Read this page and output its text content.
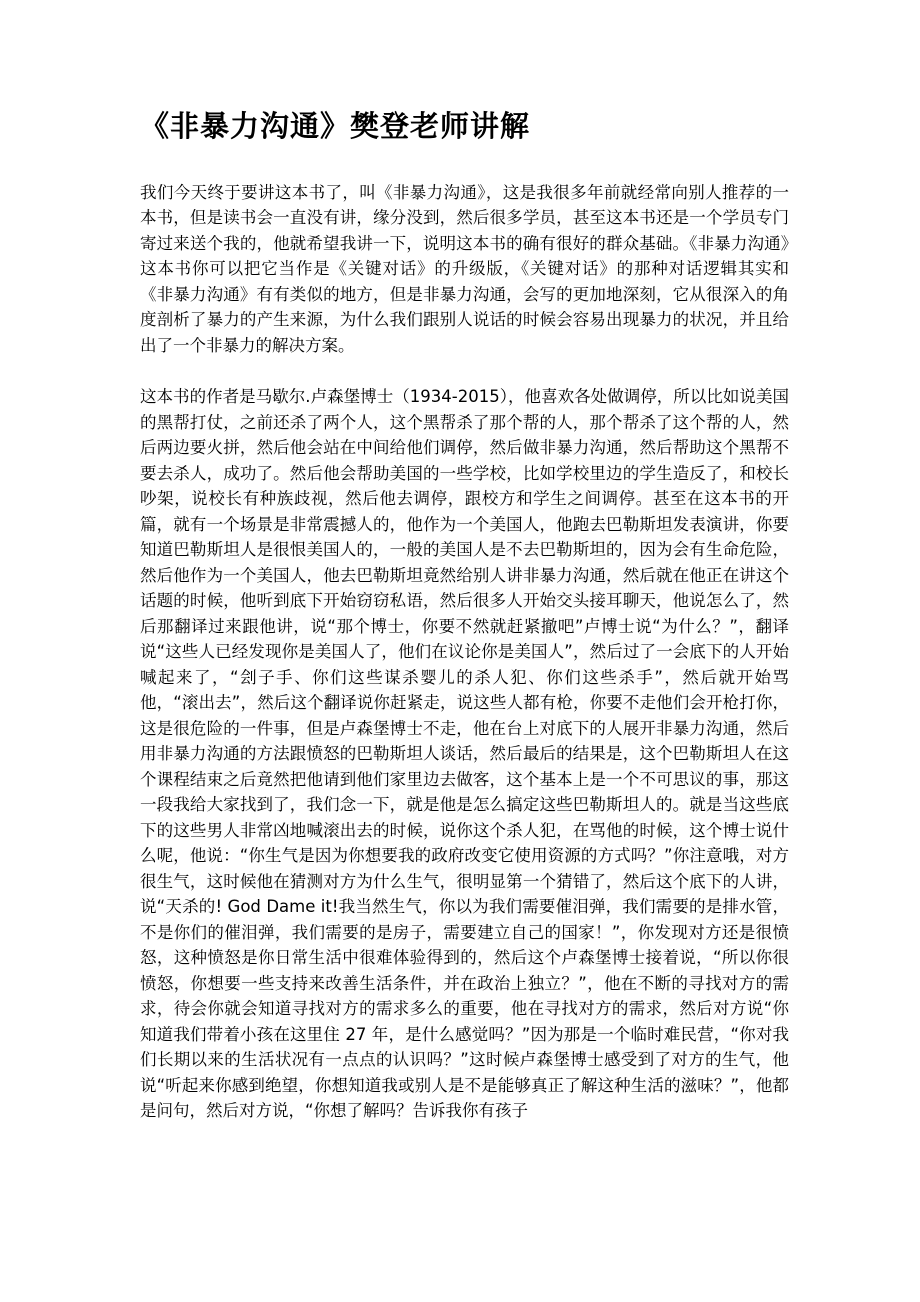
《非暴力沟通》樊登老师讲解

我们今天终于要讲这本书了，叫《非暴力沟通》，这是我很多年前就经常向别人推荐的一本书，但是读书会一直没有讲，缘分没到，然后很多学员，甚至这本书还是一个学员专门寄过来送个我的，他就希望我讲一下，说明这本书的确有很好的群众基础。《非暴力沟通》这本书你可以把它当作是《关键对话》的升级版，《关键对话》的那种对话逻辑其实和《非暴力沟通》有有类似的地方，但是非暴力沟通，会写的更加地深刻，它从很深入的角度剖析了暴力的产生来源，为什么我们跟别人说话的时候会容易出现暴力的状况，并且给出了一个非暴力的解决方案。

这本书的作者是马歇尔.卢森堡博士（1934-2015），他喜欢各处做调停，所以比如说美国的黑帮打仗，之前还杀了两个人，这个黑帮杀了那个帮的人，那个帮杀了这个帮的人，然后两边要火拼，然后他会站在中间给他们调停，然后做非暴力沟通，然后帮助这个黑帮不要去杀人，成功了。然后他会帮助美国的一些学校，比如学校里边的学生造反了，和校长吵架，说校长有种族歧视，然后他去调停，跟校方和学生之间调停。甚至在这本书的开篇，就有一个场景是非常震撼人的，他作为一个美国人，他跑去巴勒斯坦发表演讲，你要知道巴勒斯坦人是很恨美国人的，一般的美国人是不去巴勒斯坦的，因为会有生命危险，然后他作为一个美国人，他去巴勒斯坦竟然给别人讲非暴力沟通，然后就在他正在讲这个话题的时候，他听到底下开始窃窃私语，然后很多人开始交头接耳聊天，他说怎么了，然后那翻译过来跟他讲，说“那个博士，你要不然就赶紧撤吧”卢博士说“为什么？”，翻译说“这些人已经发现你是美国人了，他们在议论你是美国人”，然后过了一会底下的人开始喊起来了，“刽子手、你们这些谋杀婴儿的杀人犯、你们这些杀手”，然后就开始骂他，“滚出去”，然后这个翻译说你赶紧走，说这些人都有枪，你要不走他们会开枪打你，这是很危险的一件事，但是卢森堡博士不走，他在台上对底下的人展开非暴力沟通，然后用非暴力沟通的方法跟愤怒的巴勒斯坦人谈话，然后最后的结果是，这个巴勒斯坦人在这个课程结束之后竟然把他请到他们家里边去做客，这个基本上是一个不可思议的事，那这一段我给大家找到了，我们念一下，就是他是怎么搞定这些巴勒斯坦人的。就是当这些底下的这些男人非常凶地喊滚出去的时候，说你这个杀人犯，在骂他的时候，这个博士说什么呢，他说：“你生气是因为你想要我的政府改变它使用资源的方式吗？”你注意哦，对方很生气，这时候他在猜测对方为什么生气，很明显第一个猜错了，然后这个底下的人讲，说“天杀的! God Dame it!我当然生气，你以为我们需要催泪弹，我们需要的是排水管，不是你们的催泪弹，我们需要的是房子，需要建立自己的国家！”，你发现对方还是很愤怒，这种愤怒是你日常生活中很难体验得到的，然后这个卢森堡博士接着说，“所以你很愤怒，你想要一些支持来改善生活条件，并在政治上独立？”，他在不断的寻找对方的需求，待会你就会知道寻找对方的需求多么的重要，他在寻找对方的需求，然后对方说“你知道我们带着小孩在这里住 27 年，是什么感觉吗？”因为那是一个临时难民营，“你对我们长期以来的生活状况有一点点的认识吗？”这时候卢森堡博士感受到了对方的生气，他说“听起来你感到绝望，你想知道我或别人是不是能够真正了解这种生活的滋味？”，他都是问句，然后对方说，“你想了解吗？告诉我你有孩子
